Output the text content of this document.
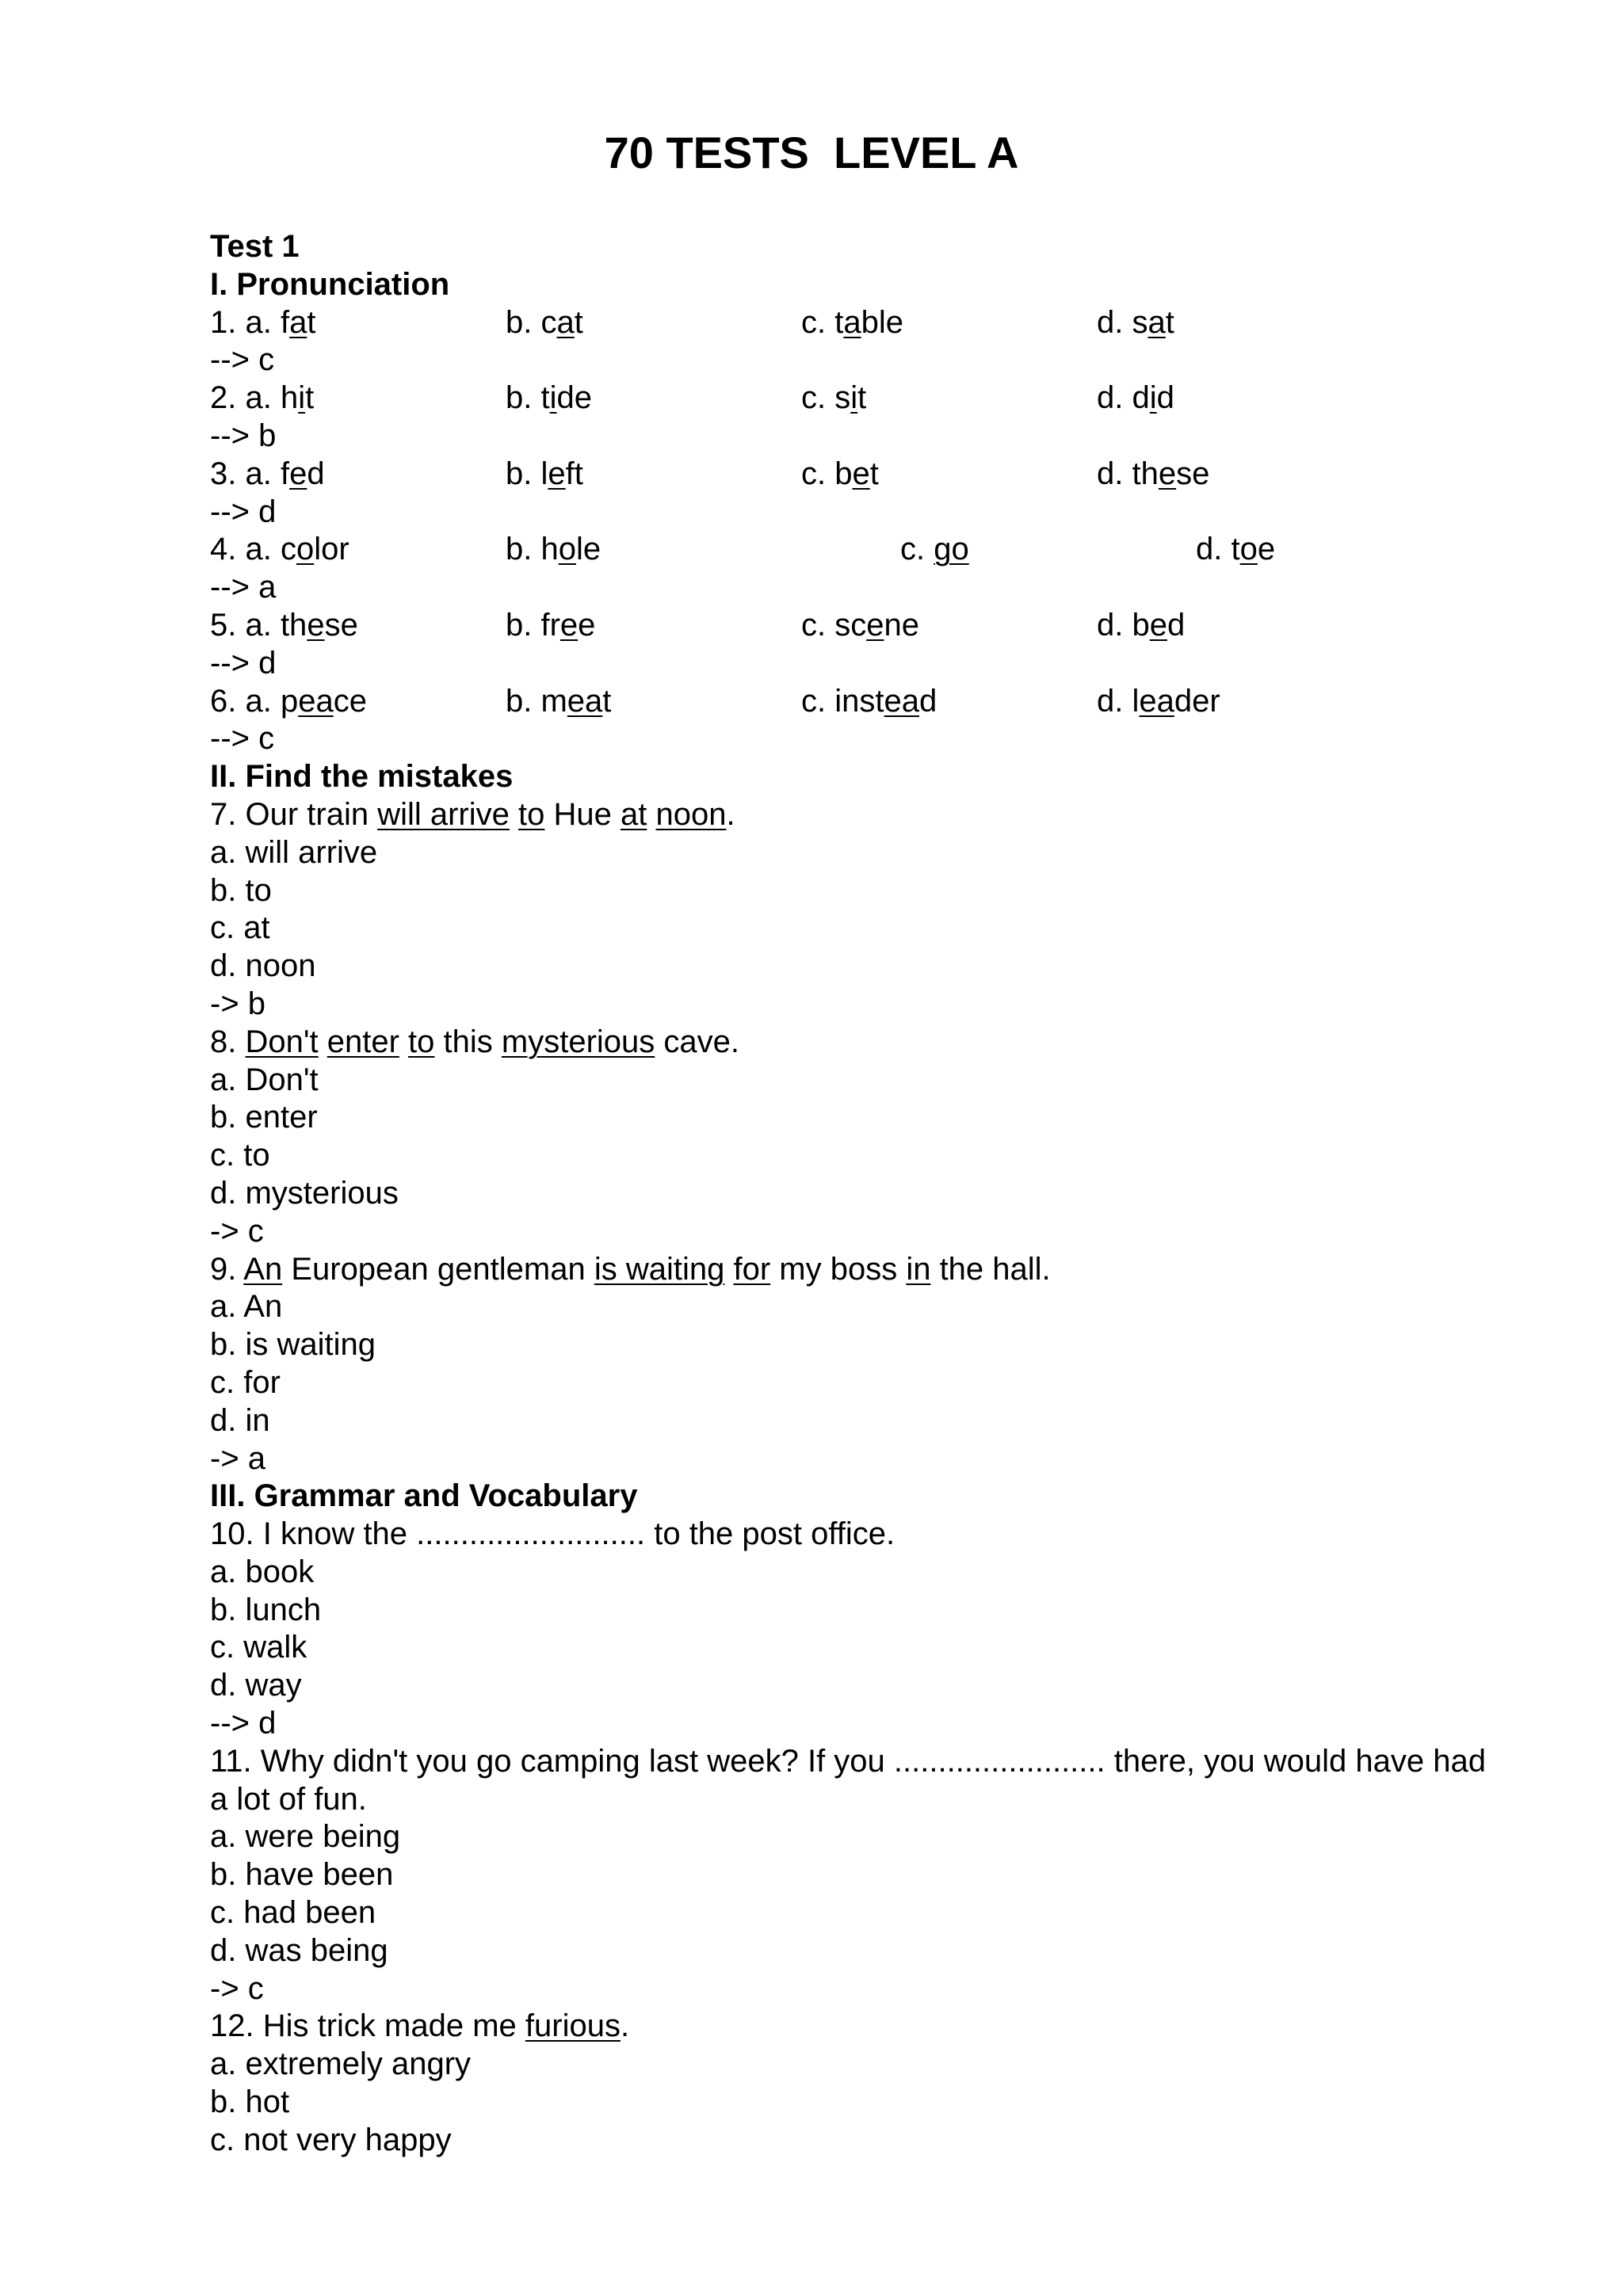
70 TESTS  LEVEL A
Test 1
I. Pronunciation
1. a. fat	b. cat	c. table	d. sat
--> c
2. a. hit	b. tide	c. sit	d. did
--> b
3. a. fed	b. left	c. bet	d. these
--> d
4. a. color	b. hole	c. go	d. toe
--> a
5. a. these	b. free	c. scene	d. bed
--> d
6. a. peace	b. meat	c. instead	d. leader
--> c
II. Find the mistakes
7. Our train will arrive to Hue at noon.
a. will arrive
b. to
c. at
d. noon
-> b
8. Don't enter to this mysterious cave.
a. Don't
b. enter
c. to
d. mysterious
-> c
9. An European gentleman is waiting for my boss in the hall.
a. An
b. is waiting
c. for
d. in
-> a
III. Grammar and Vocabulary
10. I know the .......................... to the post office.
a. book
b. lunch
c. walk
d. way
--> d
11. Why didn't you go camping last week? If you ........................ there, you would have had a lot of fun.
a. were being
b. have been
c. had been
d. was being
-> c
12. His trick made me furious.
a. extremely angry
b. hot
c. not very happy
